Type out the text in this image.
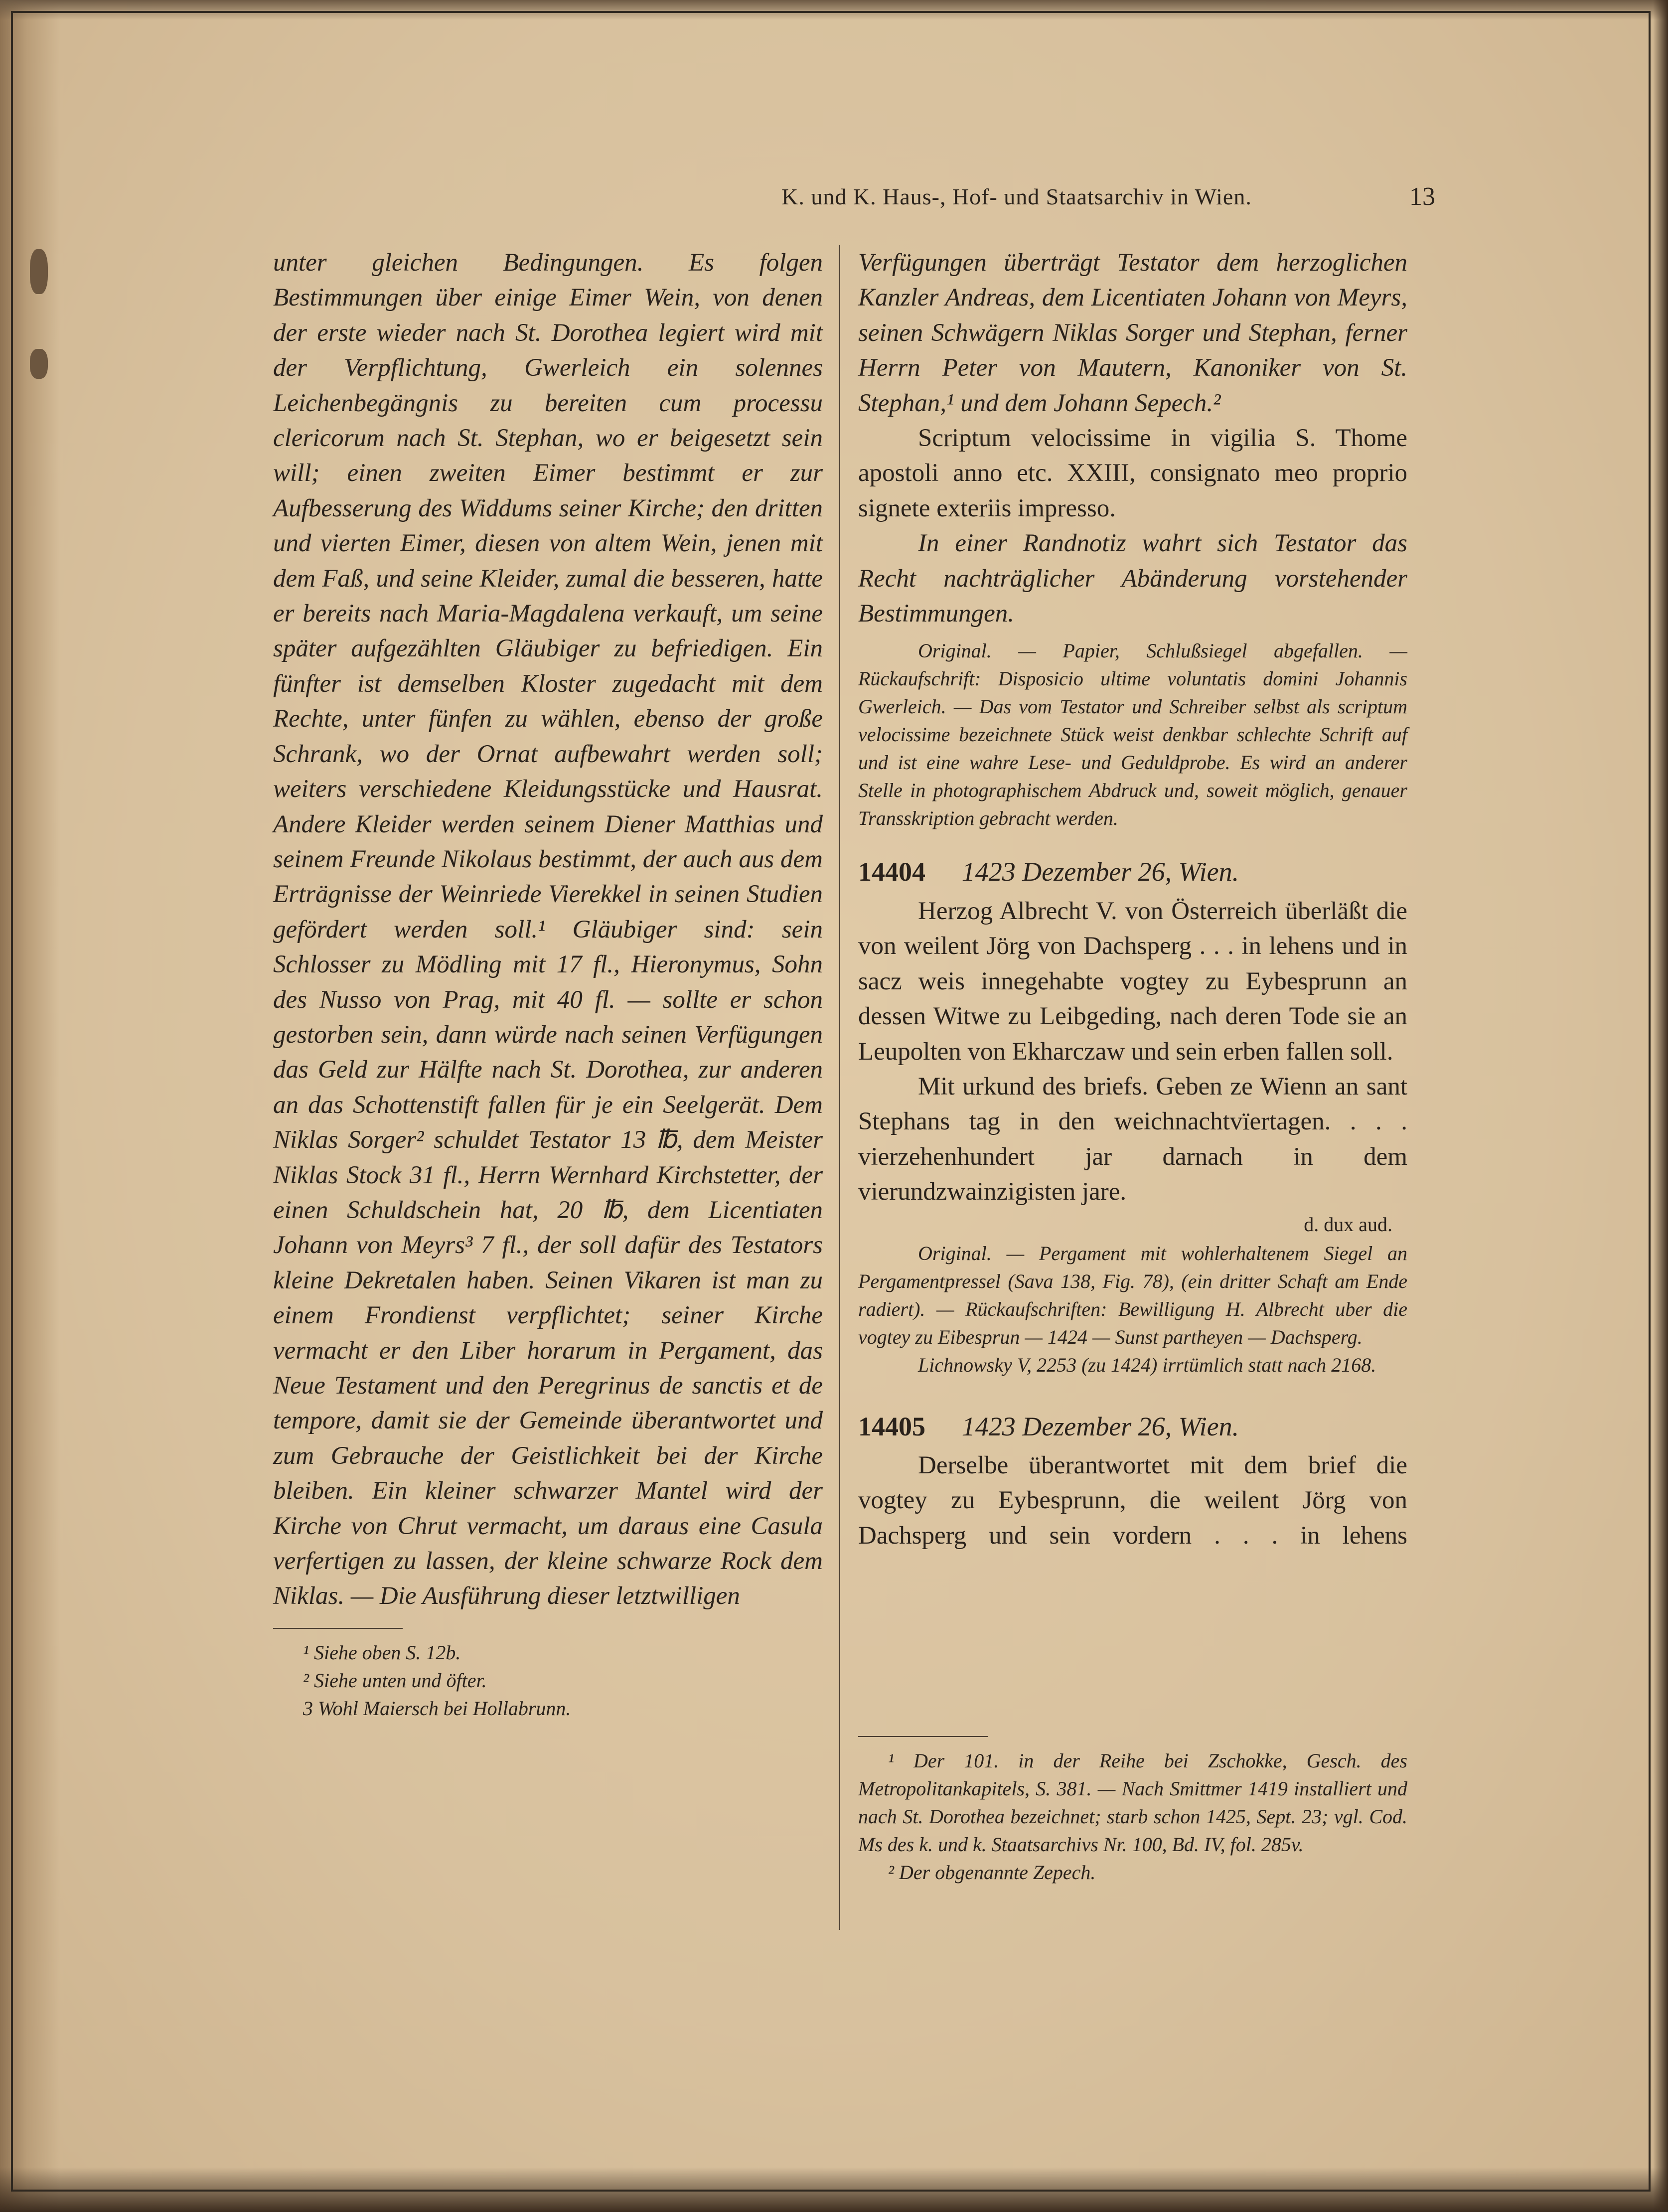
K. und K. Haus-, Hof- und Staatsarchiv in Wien.	13

unter gleichen Bedingungen. Es folgen Bestimmungen über einige Eimer Wein, von denen der erste wieder nach St. Dorothea legiert wird mit der Verpflichtung, Gwerleich ein solennes Leichenbegängnis zu bereiten cum processu clericorum nach St. Stephan, wo er beigesetzt sein will; einen zweiten Eimer bestimmt er zur Aufbesserung des Widdums seiner Kirche; den dritten und vierten Eimer, diesen von altem Wein, jenen mit dem Faß, und seine Kleider, zumal die besseren, hatte er bereits nach Maria-Magdalena verkauft, um seine später aufgezählten Gläubiger zu befriedigen. Ein fünfter ist demselben Kloster zugedacht mit dem Rechte, unter fünfen zu wählen, ebenso der große Schrank, wo der Ornat aufbewahrt werden soll; weiters verschiedene Kleidungsstücke und Hausrat. Andere Kleider werden seinem Diener Matthias und seinem Freunde Nikolaus bestimmt, der auch aus dem Erträgnisse der Weinriede Vierekkel in seinen Studien gefördert werden soll.¹ Gläubiger sind: sein Schlosser zu Mödling mit 17 fl., Hieronymus, Sohn des Nusso von Prag, mit 40 fl. — sollte er schon gestorben sein, dann würde nach seinen Verfügungen das Geld zur Hälfte nach St. Dorothea, zur anderen an das Schottenstift fallen für je ein Seelgerät. Dem Niklas Sorger² schuldet Testator 13 ℔, dem Meister Niklas Stock 31 fl., Herrn Wernhard Kirchstetter, der einen Schuldschein hat, 20 ℔, dem Licentiaten Johann von Meyrs³ 7 fl., der soll dafür des Testators kleine Dekretalen haben. Seinen Vikaren ist man zu einem Frondienst verpflichtet; seiner Kirche vermacht er den Liber horarum in Pergament, das Neue Testament und den Peregrinus de sanctis et de tempore, damit sie der Gemeinde überantwortet und zum Gebrauche der Geistlichkeit bei der Kirche bleiben. Ein kleiner schwarzer Mantel wird der Kirche von Chrut vermacht, um daraus eine Casula verfertigen zu lassen, der kleine schwarze Rock dem Niklas. — Die Ausführung dieser letztwilligen

¹ Siehe oben S. 12b.
² Siehe unten und öfter.
3 Wohl Maiersch bei Hollabrunn.

Verfügungen überträgt Testator dem herzoglichen Kanzler Andreas, dem Licentiaten Johann von Meyrs, seinen Schwägern Niklas Sorger und Stephan, ferner Herrn Peter von Mautern, Kanoniker von St. Stephan,¹ und dem Johann Sepech.²

Scriptum velocissime in vigilia S. Thome apostoli anno etc. XXIII, consignato meo proprio signete exteriis impresso.

In einer Randnotiz wahrt sich Testator das Recht nachträglicher Abänderung vorstehender Bestimmungen.

Original. — Papier, Schlußsiegel abgefallen. — Rückaufschrift: Disposicio ultime voluntatis domini Johannis Gwerleich. — Das vom Testator und Schreiber selbst als scriptum velocissime bezeichnete Stück weist denkbar schlechte Schrift auf und ist eine wahre Lese- und Geduldprobe. Es wird an anderer Stelle in photographischem Abdruck und, soweit möglich, genauer Transskription gebracht werden.

14404 1423 Dezember 26, Wien.

Herzog Albrecht V. von Österreich überläßt die von weilent Jörg von Dachsperg . . . in lehens und in sacz weis innegehabte vogtey zu Eybesprunn an dessen Witwe zu Leibgeding, nach deren Tode sie an Leupolten von Ekharczaw und sein erben fallen soll.

Mit urkund des briefs. Geben ze Wienn an sant Stephans tag in den weichnachtvïertagen. . . . vierzehenhundert jar darnach in dem vierundzwainzigisten jare.

d. dux aud.

Original. — Pergament mit wohlerhaltenem Siegel an Pergamentpressel (Sava 138, Fig. 78), (ein dritter Schaft am Ende radiert). — Rückaufschriften: Bewilligung H. Albrecht uber die vogtey zu Eibesprun — 1424 — Sunst partheyen — Dachsperg.

Lichnowsky V, 2253 (zu 1424) irrtümlich statt nach 2168.

14405 1423 Dezember 26, Wien.

Derselbe überantwortet mit dem brief die vogtey zu Eybesprunn, die weilent Jörg von Dachsperg und sein vordern . . . in lehens

¹ Der 101. in der Reihe bei Zschokke, Gesch. des Metropolitankapitels, S. 381. — Nach Smittmer 1419 installiert und nach St. Dorothea bezeichnet; starb schon 1425, Sept. 23; vgl. Cod. Ms des k. und k. Staatsarchivs Nr. 100, Bd. IV, fol. 285v.

² Der obgenannte Zepech.
